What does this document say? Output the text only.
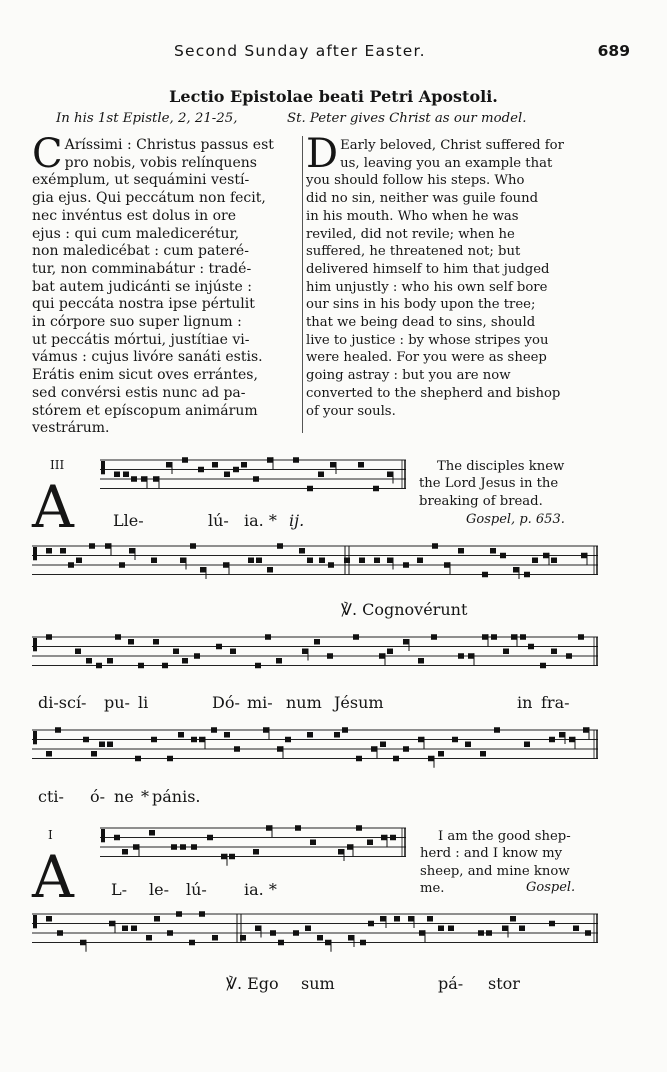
Second Sunday after Easter.	689
Lectio Epistolae beati Petri Apostoli.
In his 1st Epistle, 2, 21-25,	St. Peter gives Christ as our model.
C Aríssimi : Christus passus est
pro nobis, vobis relínquens
exémplum, ut sequámini vestí-
gia ejus. Qui peccátum non fecit,
nec invéntus est dolus in ore
ejus : qui cum maledicerétur,
non maledicébat : cum pateré-
tur, non comminabátur : tradé-
bat autem judicánti se injúste :
qui peccáta nostra ipse pértulit
in córpore suo super lignum :
ut peccátis mórtui, justítiae vi-
vámus : cujus livóre sanáti estis.
Erátis enim sicut oves errántes,
sed convérsi estis nunc ad pa-
stórem et epíscopum animárum
vestrárum.
D Early beloved, Christ suffered for
us, leaving you an example that
you should follow his steps. Who
did no sin, neither was guile found
in his mouth. Who when he was
reviled, did not revile; when he
suffered, he threatened not; but
delivered himself to him that judged
him unjustly : who his own self bore
our sins in his body upon the tree;
that we being dead to sins, should
live to justice : by whose stripes you
were healed. For you were as sheep
going astray : but you are now
converted to the shepherd and bishop
of your souls.
III
A Lle-	lú- ia. * ij.
The disciples knew
the Lord Jesus in the
breaking of bread.
Gospel, p. 653.
℣. Cognovérunt
di-scí- pu- li	Dó- mi- num Jésum	in fra-
cti- ó- ne * pánis.
I
A L- le- lú- ia. *
I am the good shep-
herd : and I know my
sheep, and mine know
me.	Gospel.
℣. Ego sum	pá- stor
